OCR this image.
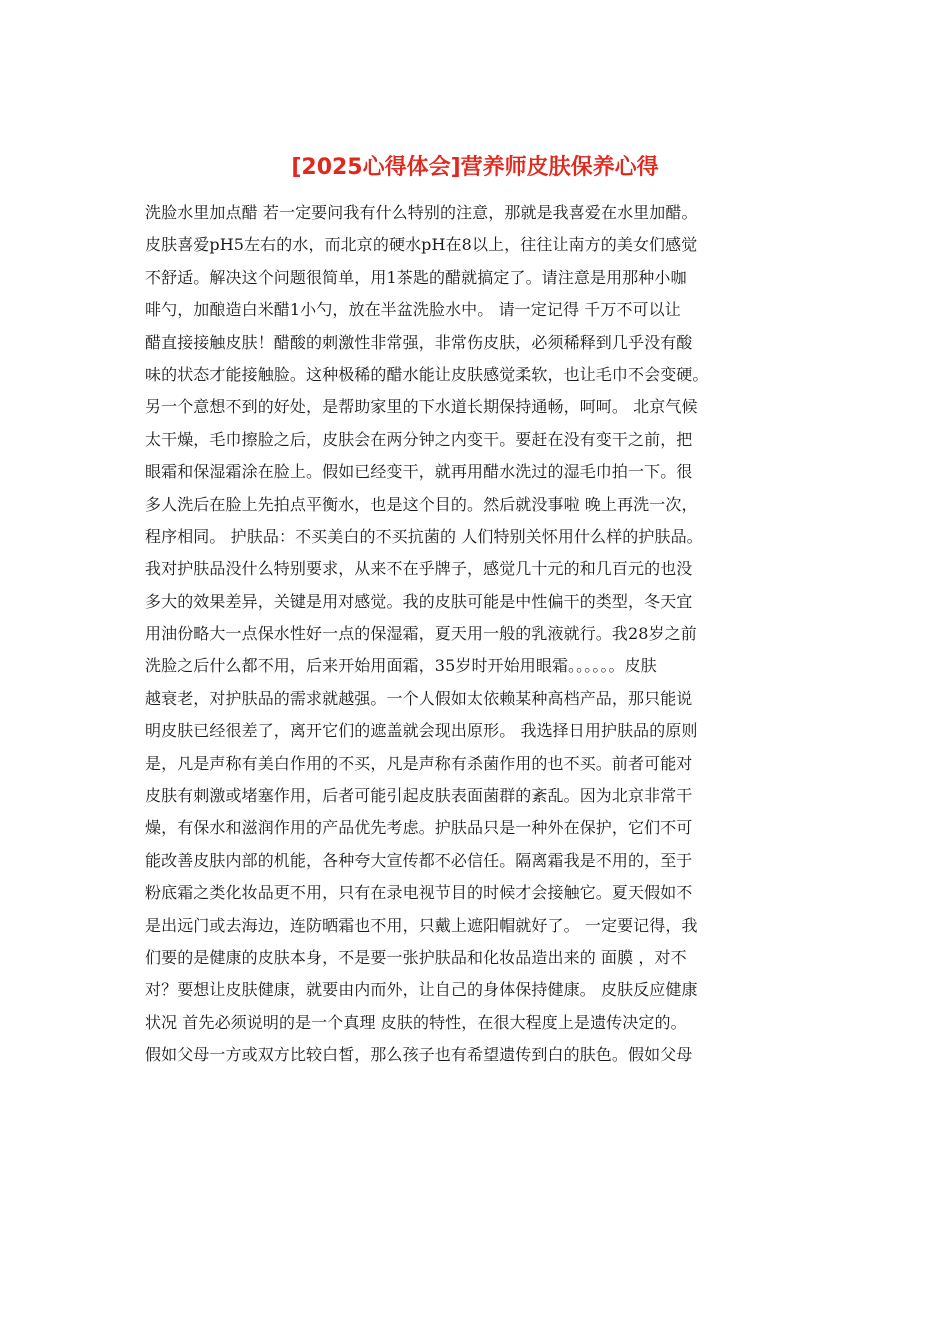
[2025心得体会]营养师皮肤保养心得
洗脸水里加点醋 若一定要问我有什么特别的注意，那就是我喜爱在水里加醋。
皮肤喜爱pH5左右的水，而北京的硬水pH在8以上，往往让南方的美女们感觉
不舒适。解决这个问题很简单，用1茶匙的醋就搞定了。请注意是用那种小咖
啡勺，加酿造白米醋1小勺，放在半盆洗脸水中。 请一定记得 千万不可以让
醋直接接触皮肤！醋酸的刺激性非常强，非常伤皮肤，必须稀释到几乎没有酸
味的状态才能接触脸。这种极稀的醋水能让皮肤感觉柔软，也让毛巾不会变硬。
另一个意想不到的好处，是帮助家里的下水道长期保持通畅，呵呵。 北京气候
太干燥，毛巾擦脸之后，皮肤会在两分钟之内变干。要赶在没有变干之前，把
眼霜和保湿霜涂在脸上。假如已经变干，就再用醋水洗过的湿毛巾拍一下。很
多人洗后在脸上先拍点平衡水，也是这个目的。然后就没事啦 晚上再洗一次，
程序相同。 护肤品：不买美白的不买抗菌的 人们特别关怀用什么样的护肤品。
我对护肤品没什么特别要求，从来不在乎牌子，感觉几十元的和几百元的也没
多大的效果差异，关键是用对感觉。我的皮肤可能是中性偏干的类型，冬天宜
用油份略大一点保水性好一点的保湿霜，夏天用一般的乳液就行。我28岁之前
洗脸之后什么都不用，后来开始用面霜，35岁时开始用眼霜。。。。。。皮肤
越衰老，对护肤品的需求就越强。一个人假如太依赖某种高档产品，那只能说
明皮肤已经很差了，离开它们的遮盖就会现出原形。 我选择日用护肤品的原则
是，凡是声称有美白作用的不买，凡是声称有杀菌作用的也不买。前者可能对
皮肤有刺激或堵塞作用，后者可能引起皮肤表面菌群的紊乱。因为北京非常干
燥，有保水和滋润作用的产品优先考虑。护肤品只是一种外在保护，它们不可
能改善皮肤内部的机能，各种夸大宣传都不必信任。隔离霜我是不用的，至于
粉底霜之类化妆品更不用，只有在录电视节目的时候才会接触它。夏天假如不
是出远门或去海边，连防晒霜也不用，只戴上遮阳帽就好了。 一定要记得，我
们要的是健康的皮肤本身，不是要一张护肤品和化妆品造出来的 面膜 ，对不
对？要想让皮肤健康，就要由内而外，让自己的身体保持健康。 皮肤反应健康
状况 首先必须说明的是一个真理 皮肤的特性，在很大程度上是遗传决定的。
假如父母一方或双方比较白皙，那么孩子也有希望遗传到白的肤色。假如父母
